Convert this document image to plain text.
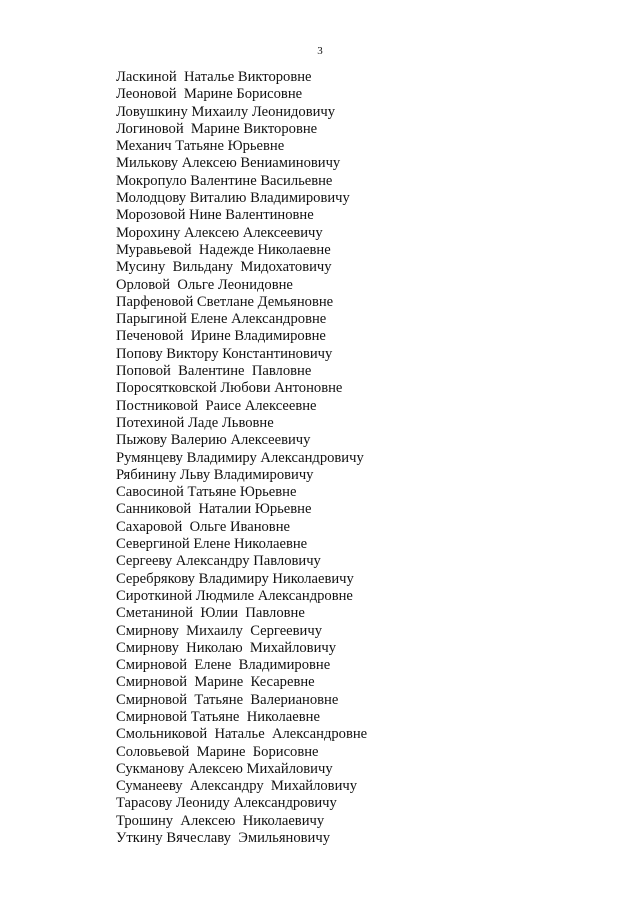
3
Ласкиной  Наталье Викторовне
Леоновой  Марине Борисовне
Ловушкину Михаилу Леонидовичу
Логиновой  Марине Викторовне
Механич Татьяне Юрьевне
Милькову Алексею Вениаминовичу
Мокропуло Валентине Васильевне
Молодцову Виталию Владимировичу
Морозовой Нине Валентиновне
Морохину Алексею Алексеевичу
Муравьевой  Надежде Николаевне
Мусину  Вильдану  Мидохатовичу
Орловой  Ольге Леонидовне
Парфеновой Светлане Демьяновне
Парыгиной Елене Александровне
Печеновой  Ирине Владимировне
Попову Виктору Константиновичу
Поповой  Валентине  Павловне
Поросятковской Любови Антоновне
Постниковой  Раисе Алексеевне
Потехиной Ладе Львовне
Пыжову Валерию Алексеевичу
Румянцеву Владимиру Александровичу
Рябинину Льву Владимировичу
Савосиной Татьяне Юрьевне
Санниковой  Наталии Юрьевне
Сахаровой  Ольге Ивановне
Севергиной Елене Николаевне
Сергееву Александру Павловичу
Серебрякову Владимиру Николаевичу
Сироткиной Людмиле Александровне
Сметаниной  Юлии  Павловне
Смирнову  Михаилу  Сергеевичу
Смирнову  Николаю  Михайловичу
Смирновой  Елене  Владимировне
Смирновой  Марине  Кесаревне
Смирновой  Татьяне  Валериановне
Смирновой Татьяне  Николаевне
Смольниковой  Наталье  Александровне
Соловьевой  Марине  Борисовне
Сукманову Алексею Михайловичу
Суманееву  Александру  Михайловичу
Тарасову Леониду Александровичу
Трошину  Алексею  Николаевичу
Уткину Вячеславу  Эмильяновичу
